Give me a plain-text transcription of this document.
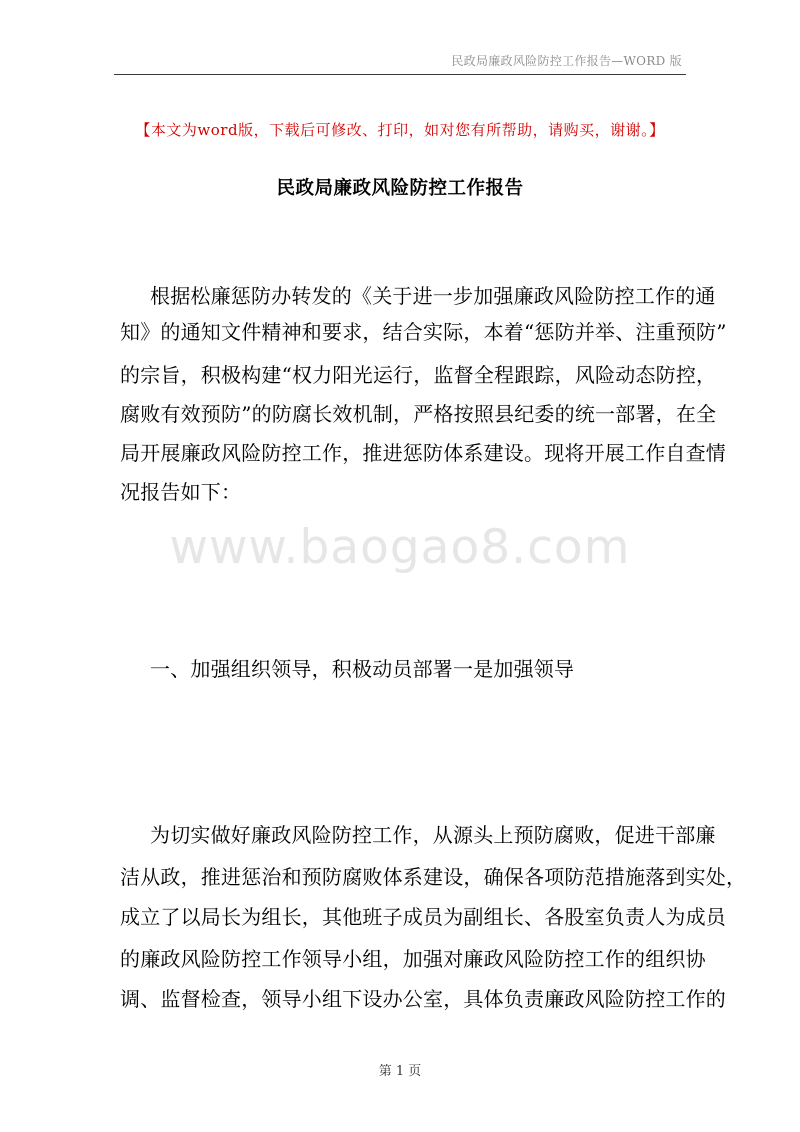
民政局廉政风险防控工作报告—WORD 版
【本文为word版，下载后可修改、打印，如对您有所帮助，请购买，谢谢。】
民政局廉政风险防控工作报告
根据松廉惩防办转发的《关于进一步加强廉政风险防控工作的通
知》的通知文件精神和要求，结合实际，本着“惩防并举、注重预防”
的宗旨，积极构建“权力阳光运行，监督全程跟踪，风险动态防控，
腐败有效预防”的防腐长效机制，严格按照县纪委的统一部署，在全
局开展廉政风险防控工作，推进惩防体系建设。现将开展工作自查情
况报告如下：
www.baogao8.com
一、加强组织领导，积极动员部署一是加强领导
为切实做好廉政风险防控工作，从源头上预防腐败，促进干部廉
洁从政，推进惩治和预防腐败体系建设，确保各项防范措施落到实处，
成立了以局长为组长，其他班子成员为副组长、各股室负责人为成员
的廉政风险防控工作领导小组，加强对廉政风险防控工作的组织协
调、监督检查，领导小组下设办公室，具体负责廉政风险防控工作的
第 1 页
